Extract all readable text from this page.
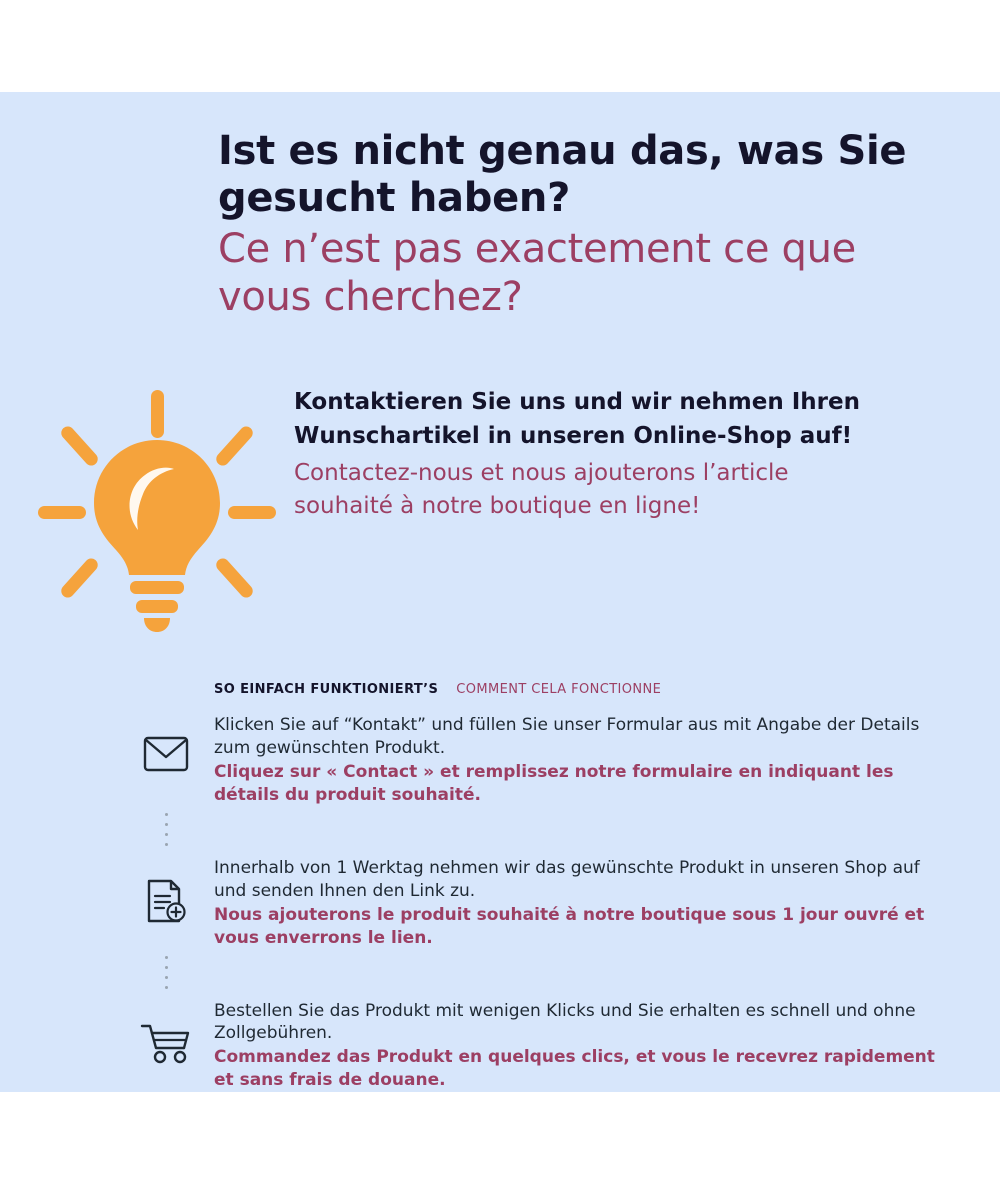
Ist es nicht genau das, was Sie gesucht haben?
Ce n’est pas exactement ce que vous cherchez?
Kontaktieren Sie uns und wir nehmen Ihren Wunschartikel in unseren Online-Shop auf!
Contactez-nous et nous ajouterons l’article souhaité à notre boutique en ligne!
SO EINFACH FUNKTIONIERT’S COMMENT CELA FONCTIONNE
Klicken Sie auf “Kontakt” und füllen Sie unser Formular aus mit Angabe der Details zum gewünschten Produkt.
Cliquez sur « Contact » et remplissez notre formulaire en indiquant les détails du produit souhaité.
Innerhalb von 1 Werktag nehmen wir das gewünschte Produkt in unseren Shop auf und senden Ihnen den Link zu.
Nous ajouterons le produit souhaité à notre boutique sous 1 jour ouvré et vous enverrons le lien.
Bestellen Sie das Produkt mit wenigen Klicks und Sie erhalten es schnell und ohne Zollgebühren.
Commandez das Produkt en quelques clics, et vous le recevrez rapidement et sans frais de douane.
